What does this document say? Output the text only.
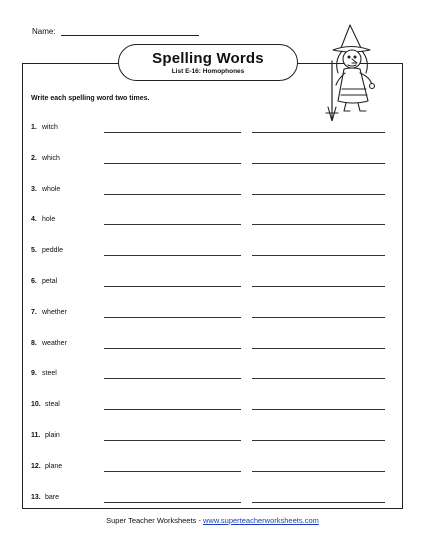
Name:
Spelling Words
List E-16: Homophones
Write each spelling word two times.
1. witch
2. which
3. whole
4. hole
5. peddle
6. petal
7. whether
8. weather
9. steel
10. steal
11. plain
12. plane
13. bare
Super Teacher Worksheets - www.superteacherworksheets.com
